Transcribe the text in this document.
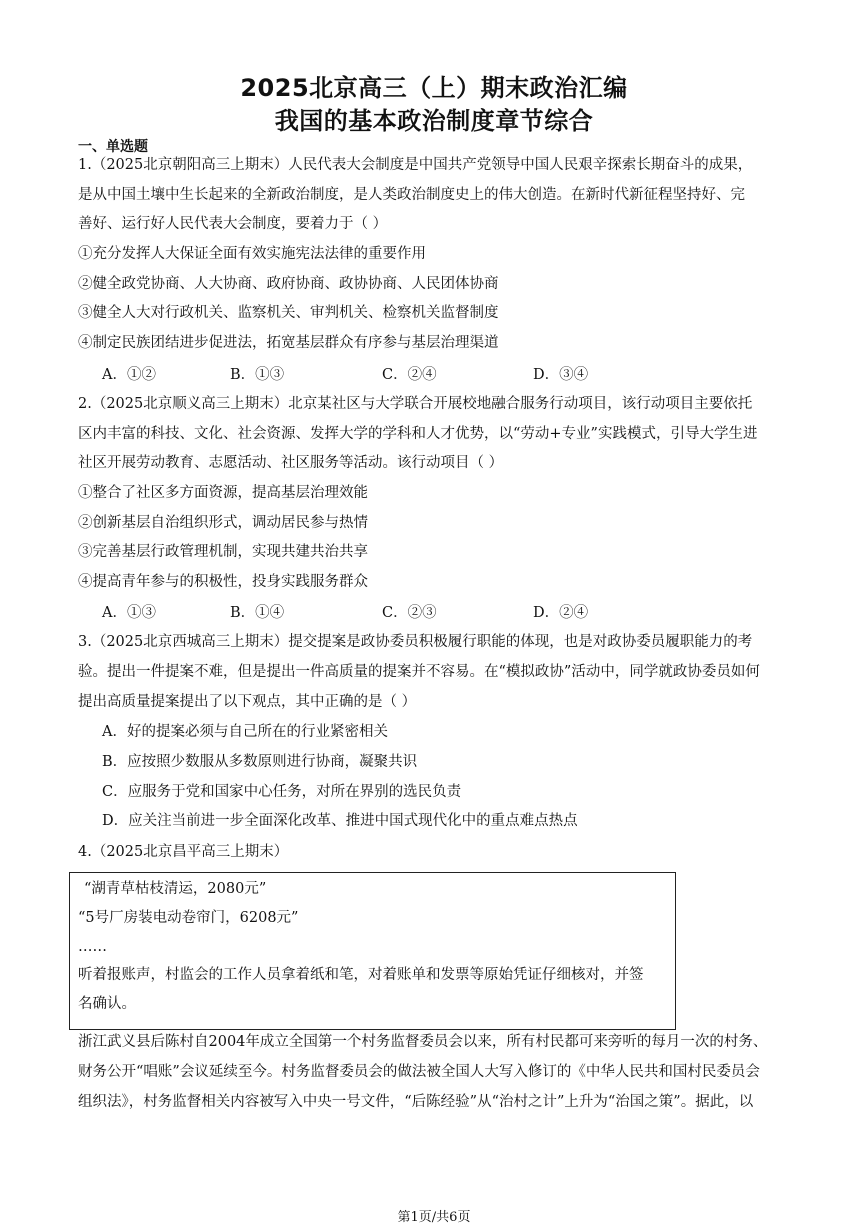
2025北京高三（上）期末政治汇编
我国的基本政治制度章节综合
一、单选题
1.（2025北京朝阳高三上期末）人民代表大会制度是中国共产党领导中国人民艰辛探索长期奋斗的成果，
是从中国土壤中生长起来的全新政治制度，是人类政治制度史上的伟大创造。在新时代新征程坚持好、完
善好、运行好人民代表大会制度，要着力于（ ）
①充分发挥人大保证全面有效实施宪法法律的重要作用
②健全政党协商、人大协商、政府协商、政协协商、人民团体协商
③健全人大对行政机关、监察机关、审判机关、检察机关监督制度
④制定民族团结进步促进法，拓宽基层群众有序参与基层治理渠道
A．①②	B．①③	C．②④	D．③④
2.（2025北京顺义高三上期末）北京某社区与大学联合开展校地融合服务行动项目，该行动项目主要依托
区内丰富的科技、文化、社会资源、发挥大学的学科和人才优势，以“劳动+专业”实践模式，引导大学生进
社区开展劳动教育、志愿活动、社区服务等活动。该行动项目（ ）
①整合了社区多方面资源，提高基层治理效能
②创新基层自治组织形式，调动居民参与热情
③完善基层行政管理机制，实现共建共治共享
④提高青年参与的积极性，投身实践服务群众
A．①③	B．①④	C．②③	D．②④
3.（2025北京西城高三上期末）提交提案是政协委员积极履行职能的体现，也是对政协委员履职能力的考
验。提出一件提案不难，但是提出一件高质量的提案并不容易。在“模拟政协”活动中，同学就政协委员如何
提出高质量提案提出了以下观点，其中正确的是（ ）
A．好的提案必须与自己所在的行业紧密相关
B．应按照少数服从多数原则进行协商，凝聚共识
C．应服务于党和国家中心任务，对所在界别的选民负责
D．应关注当前进一步全面深化改革、推进中国式现代化中的重点难点热点
4.（2025北京昌平高三上期末）
“湖青草枯枝清运，2080元”
“5号厂房装电动卷帘门，6208元”
……
听着报账声，村监会的工作人员拿着纸和笔，对着账单和发票等原始凭证仔细核对，并签
名确认。
浙江武义县后陈村自2004年成立全国第一个村务监督委员会以来，所有村民都可来旁听的每月一次的村务、
财务公开“唱账”会议延续至今。村务监督委员会的做法被全国人大写入修订的《中华人民共和国村民委员会
组织法》，村务监督相关内容被写入中央一号文件，“后陈经验”从“治村之计”上升为“治国之策”。据此，以
第1页/共6页
